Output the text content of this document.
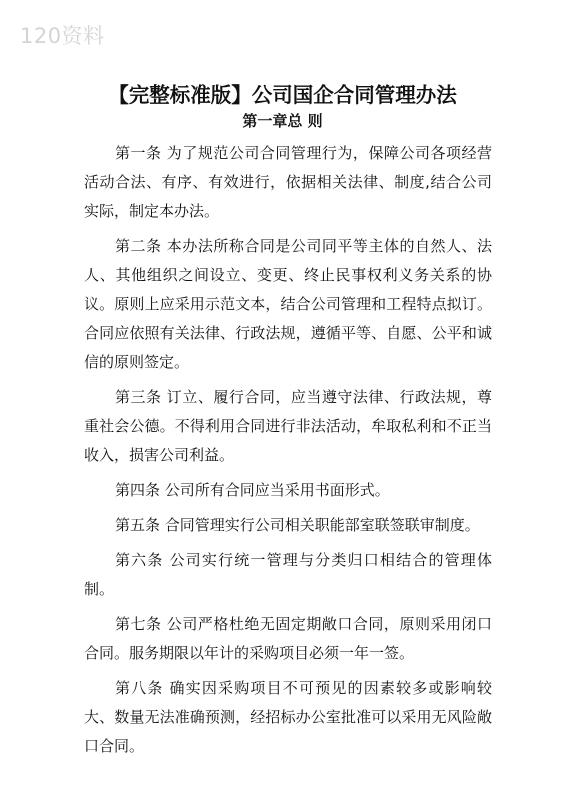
120资料
【完整标准版】公司国企合同管理办法
第一章总 则

第一条 为了规范公司合同管理行为，保障公司各项经营活动合法、有序、有效进行，依据相关法律、制度,结合公司实际，制定本办法。

第二条 本办法所称合同是公司同平等主体的自然人、法人、其他组织之间设立、变更、终止民事权利义务关系的协议。原则上应采用示范文本，结合公司管理和工程特点拟订。合同应依照有关法律、行政法规，遵循平等、自愿、公平和诚信的原则签定。

第三条 订立、履行合同，应当遵守法律、行政法规，尊重社会公德。不得利用合同进行非法活动，牟取私利和不正当收入，损害公司利益。

第四条 公司所有合同应当采用书面形式。

第五条 合同管理实行公司相关职能部室联签联审制度。

第六条 公司实行统一管理与分类归口相结合的管理体制。

第七条 公司严格杜绝无固定期敞口合同，原则采用闭口合同。服务期限以年计的采购项目必须一年一签。

第八条 确实因采购项目不可预见的因素较多或影响较大、数量无法准确预测，经招标办公室批准可以采用无风险敞口合同。
